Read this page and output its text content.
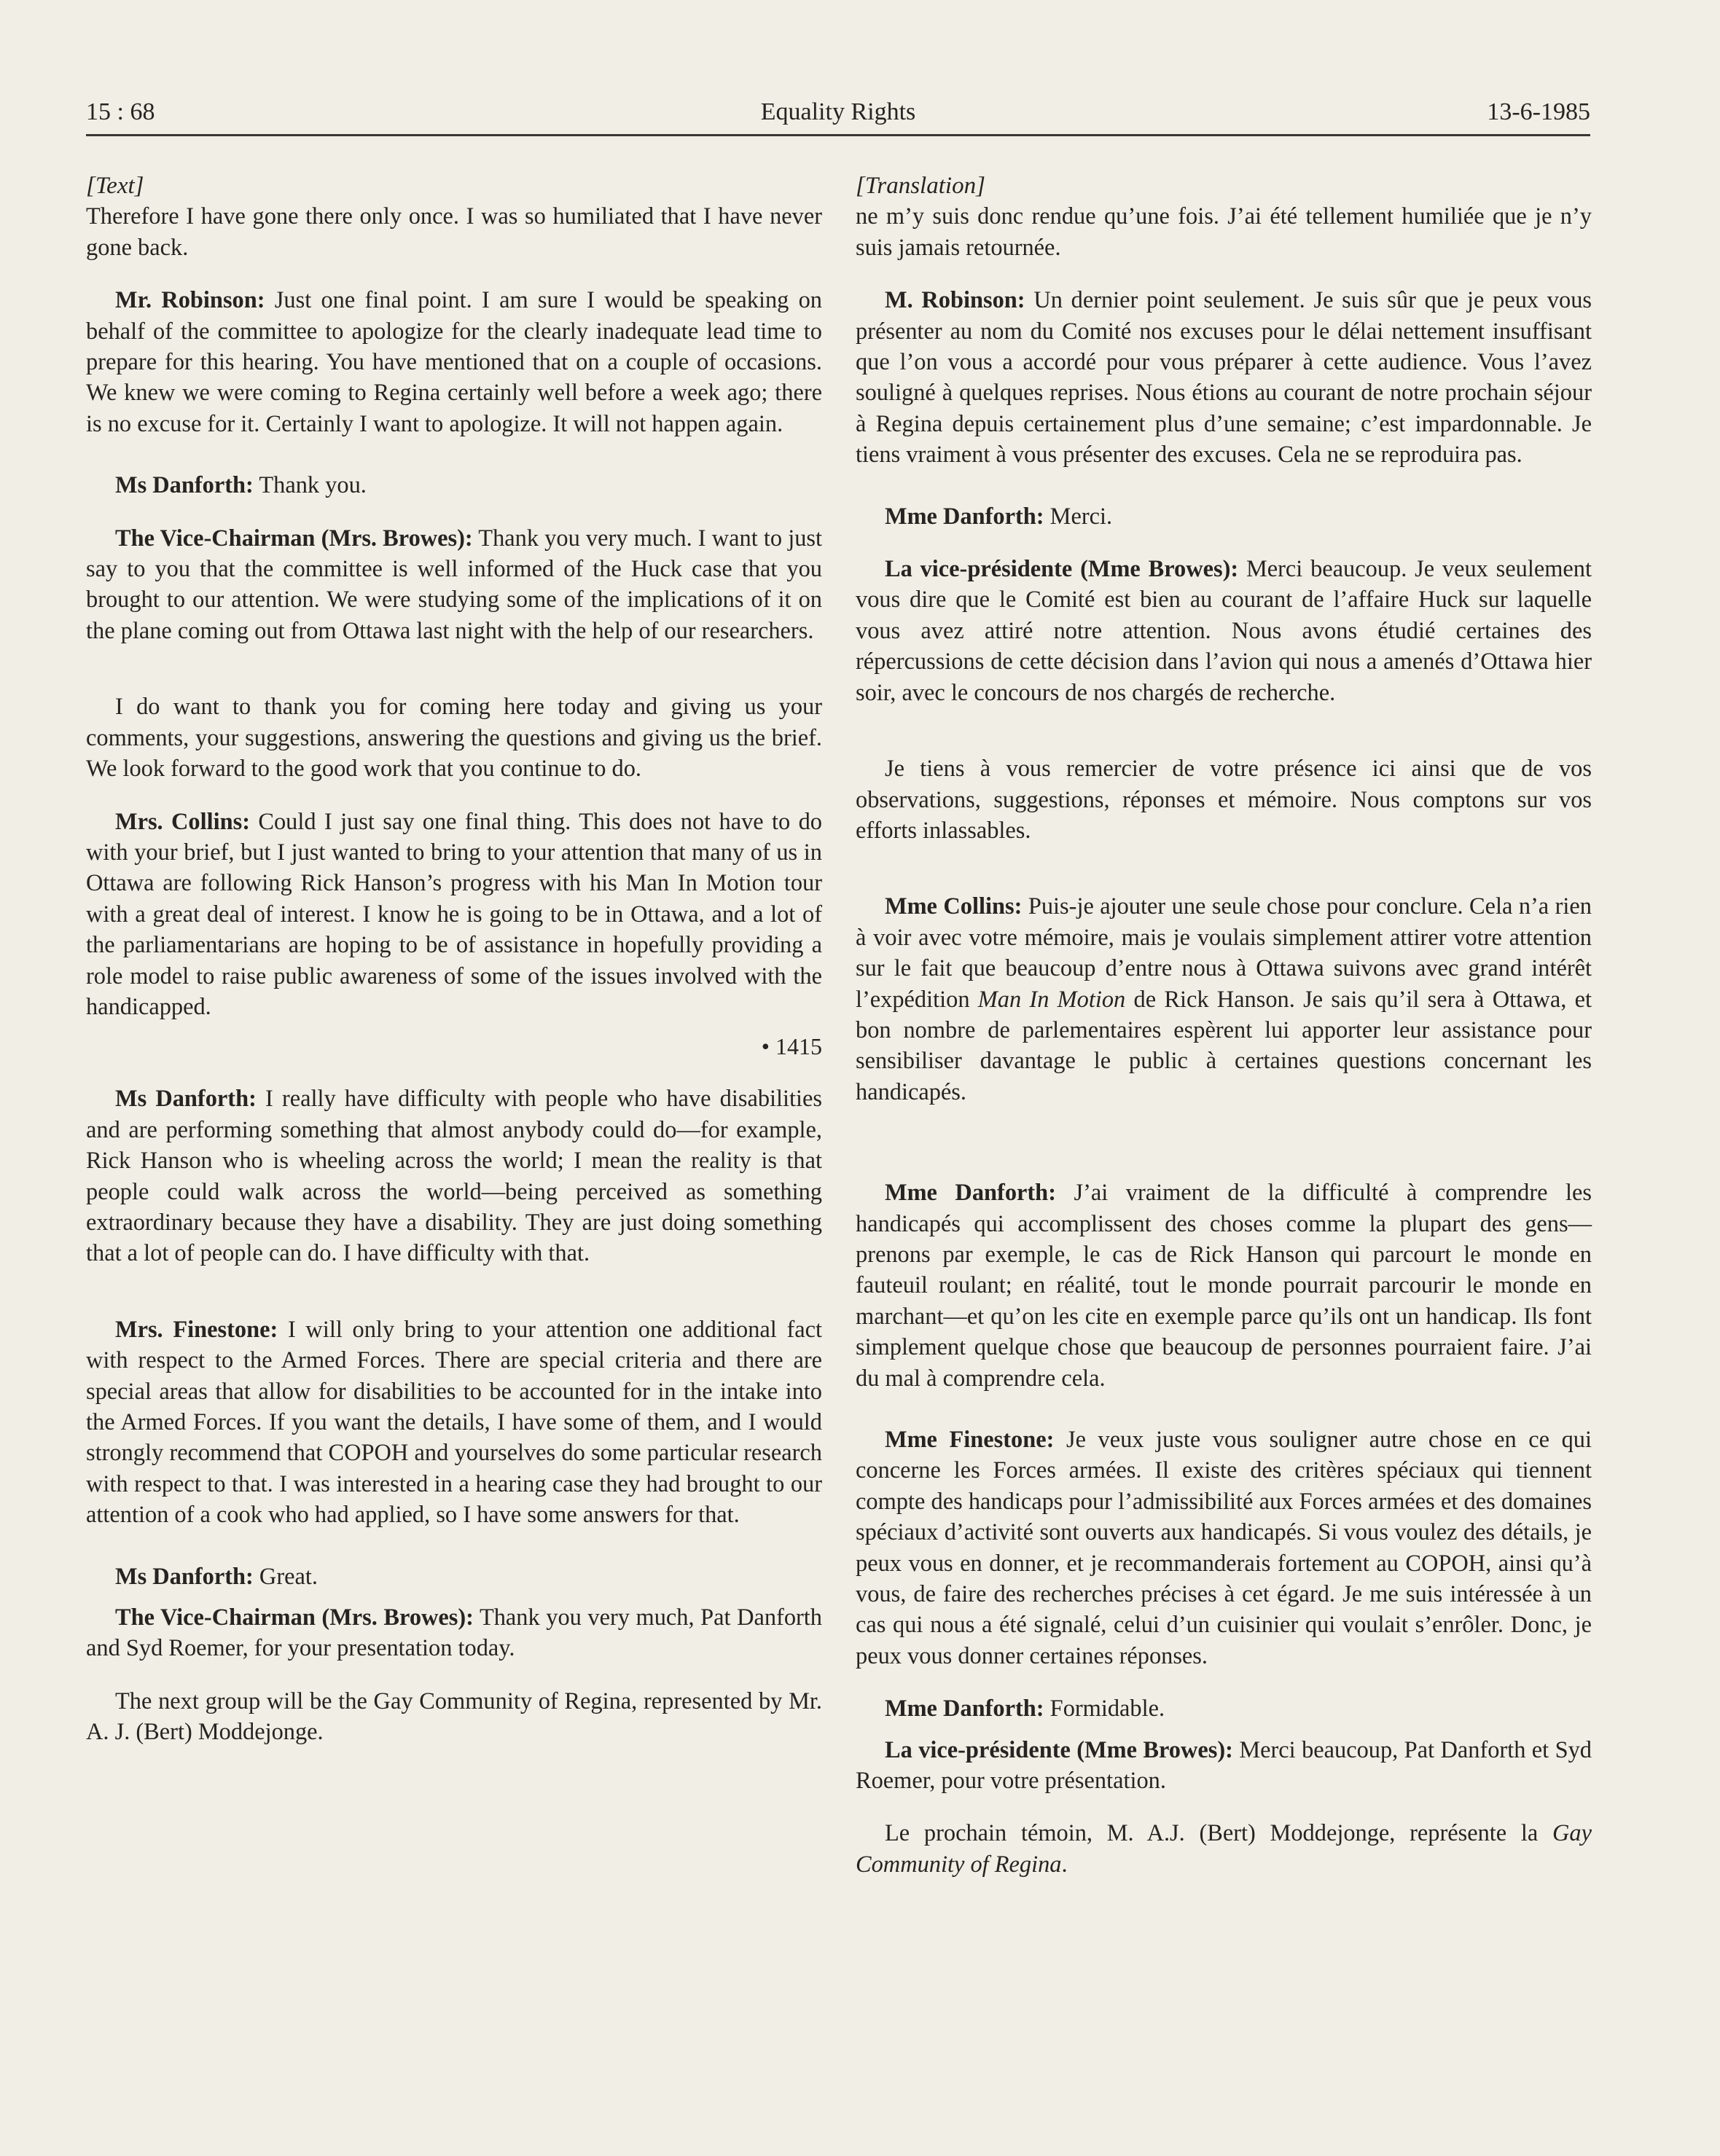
15 : 68	Equality Rights	13-6-1985

[Text]

Therefore I have gone there only once. I was so humiliated that I have never gone back.

Mr. Robinson: Just one final point. I am sure I would be speaking on behalf of the committee to apologize for the clearly inadequate lead time to prepare for this hearing. You have mentioned that on a couple of occasions. We knew we were coming to Regina certainly well before a week ago; there is no excuse for it. Certainly I want to apologize. It will not happen again.

Ms Danforth: Thank you.

The Vice-Chairman (Mrs. Browes): Thank you very much. I want to just say to you that the committee is well informed of the Huck case that you brought to our attention. We were studying some of the implications of it on the plane coming out from Ottawa last night with the help of our researchers.

I do want to thank you for coming here today and giving us your comments, your suggestions, answering the questions and giving us the brief. We look forward to the good work that you continue to do.

Mrs. Collins: Could I just say one final thing. This does not have to do with your brief, but I just wanted to bring to your attention that many of us in Ottawa are following Rick Hanson’s progress with his Man In Motion tour with a great deal of interest. I know he is going to be in Ottawa, and a lot of the parliamentarians are hoping to be of assistance in hopefully providing a role model to raise public awareness of some of the issues involved with the handicapped.

• 1415

Ms Danforth: I really have difficulty with people who have disabilities and are performing something that almost anybody could do—for example, Rick Hanson who is wheeling across the world; I mean the reality is that people could walk across the world—being perceived as something extraordinary because they have a disability. They are just doing something that a lot of people can do. I have difficulty with that.

Mrs. Finestone: I will only bring to your attention one additional fact with respect to the Armed Forces. There are special criteria and there are special areas that allow for disabilities to be accounted for in the intake into the Armed Forces. If you want the details, I have some of them, and I would strongly recommend that COPOH and yourselves do some particular research with respect to that. I was interested in a hearing case they had brought to our attention of a cook who had applied, so I have some answers for that.

Ms Danforth: Great.

The Vice-Chairman (Mrs. Browes): Thank you very much, Pat Danforth and Syd Roemer, for your presentation today.

The next group will be the Gay Community of Regina, represented by Mr. A. J. (Bert) Moddejonge.

[Translation]

ne m’y suis donc rendue qu’une fois. J’ai été tellement humiliée que je n’y suis jamais retournée.

M. Robinson: Un dernier point seulement. Je suis sûr que je peux vous présenter au nom du Comité nos excuses pour le délai nettement insuffisant que l’on vous a accordé pour vous préparer à cette audience. Vous l’avez souligné à quelques reprises. Nous étions au courant de notre prochain séjour à Regina depuis certainement plus d’une semaine; c’est impardonnable. Je tiens vraiment à vous présenter des excuses. Cela ne se reproduira pas.

Mme Danforth: Merci.

La vice-présidente (Mme Browes): Merci beaucoup. Je veux seulement vous dire que le Comité est bien au courant de l’affaire Huck sur laquelle vous avez attiré notre attention. Nous avons étudié certaines des répercussions de cette décision dans l’avion qui nous a amenés d’Ottawa hier soir, avec le concours de nos chargés de recherche.

Je tiens à vous remercier de votre présence ici ainsi que de vos observations, suggestions, réponses et mémoire. Nous comptons sur vos efforts inlassables.

Mme Collins: Puis-je ajouter une seule chose pour conclure. Cela n’a rien à voir avec votre mémoire, mais je voulais simplement attirer votre attention sur le fait que beaucoup d’entre nous à Ottawa suivons avec grand intérêt l’expédition Man In Motion de Rick Hanson. Je sais qu’il sera à Ottawa, et bon nombre de parlementaires espèrent lui apporter leur assistance pour sensibiliser davantage le public à certaines questions concernant les handicapés.

Mme Danforth: J’ai vraiment de la difficulté à comprendre les handicapés qui accomplissent des choses comme la plupart des gens—prenons par exemple, le cas de Rick Hanson qui parcourt le monde en fauteuil roulant; en réalité, tout le monde pourrait parcourir le monde en marchant—et qu’on les cite en exemple parce qu’ils ont un handicap. Ils font simplement quelque chose que beaucoup de personnes pourraient faire. J’ai du mal à comprendre cela.

Mme Finestone: Je veux juste vous souligner autre chose en ce qui concerne les Forces armées. Il existe des critères spéciaux qui tiennent compte des handicaps pour l’admissibilité aux Forces armées et des domaines spéciaux d’activité sont ouverts aux handicapés. Si vous voulez des détails, je peux vous en donner, et je recommanderais fortement au COPOH, ainsi qu’à vous, de faire des recherches précises à cet égard. Je me suis intéressée à un cas qui nous a été signalé, celui d’un cuisinier qui voulait s’enrôler. Donc, je peux vous donner certaines réponses.

Mme Danforth: Formidable.

La vice-présidente (Mme Browes): Merci beaucoup, Pat Danforth et Syd Roemer, pour votre présentation.

Le prochain témoin, M. A.J. (Bert) Moddejonge, représente la Gay Community of Regina.
